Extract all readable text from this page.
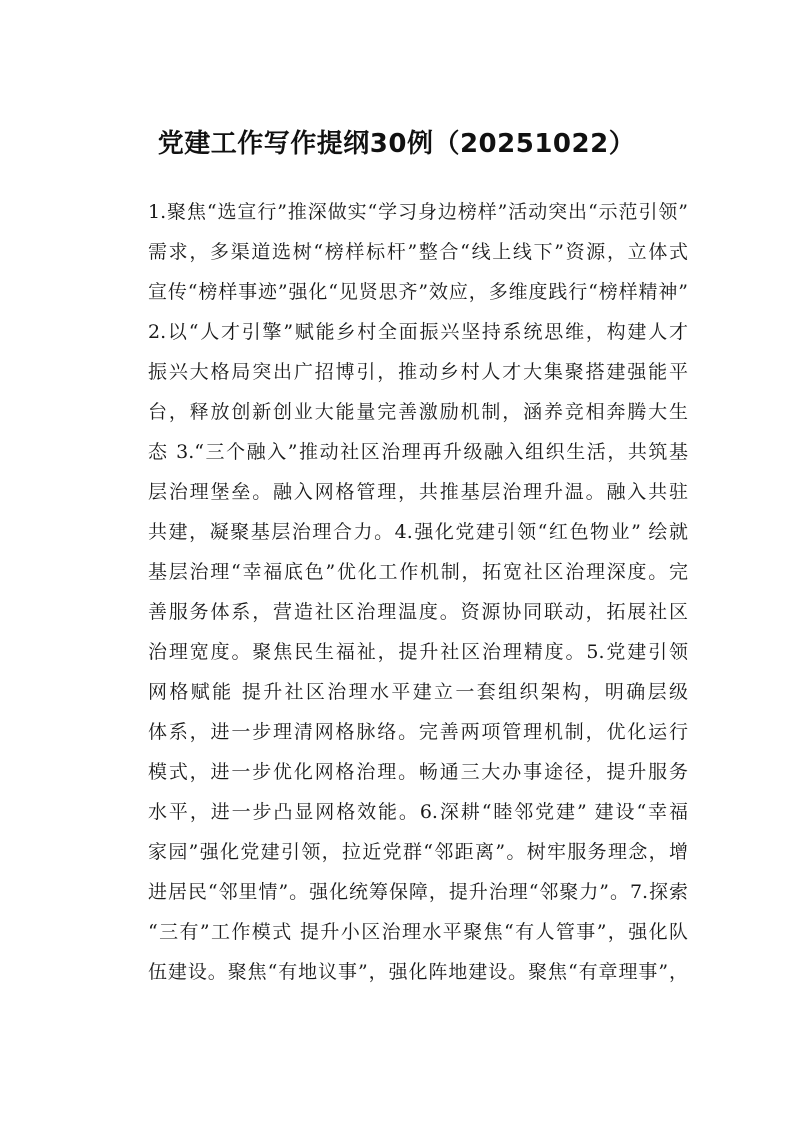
党建工作写作提纲30例（20251022）
1.聚焦“选宣行”推深做实“学习身边榜样”活动突出“示范引领”
需求，多渠道选树“榜样标杆”整合“线上线下”资源，立体式
宣传“榜样事迹”强化“见贤思齐”效应，多维度践行“榜样精神”
2.以“人才引擎”赋能乡村全面振兴坚持系统思维，构建人才
振兴大格局突出广招博引，推动乡村人才大集聚搭建强能平
台，释放创新创业大能量完善激励机制，涵养竞相奔腾大生
态 3.“三个融入”推动社区治理再升级融入组织生活，共筑基
层治理堡垒。融入网格管理，共推基层治理升温。融入共驻
共建，凝聚基层治理合力。4.强化党建引领“红色物业” 绘就
基层治理“幸福底色”优化工作机制，拓宽社区治理深度。完
善服务体系，营造社区治理温度。资源协同联动，拓展社区
治理宽度。聚焦民生福祉，提升社区治理精度。5.党建引领
网格赋能 提升社区治理水平建立一套组织架构，明确层级
体系，进一步理清网格脉络。完善两项管理机制，优化运行
模式，进一步优化网格治理。畅通三大办事途径，提升服务
水平，进一步凸显网格效能。6.深耕“睦邻党建” 建设“幸福
家园”强化党建引领，拉近党群“邻距离”。树牢服务理念，增
进居民“邻里情”。强化统筹保障，提升治理“邻聚力”。7.探索
“三有”工作模式 提升小区治理水平聚焦“有人管事”，强化队
伍建设。聚焦“有地议事”，强化阵地建设。聚焦“有章理事”，
